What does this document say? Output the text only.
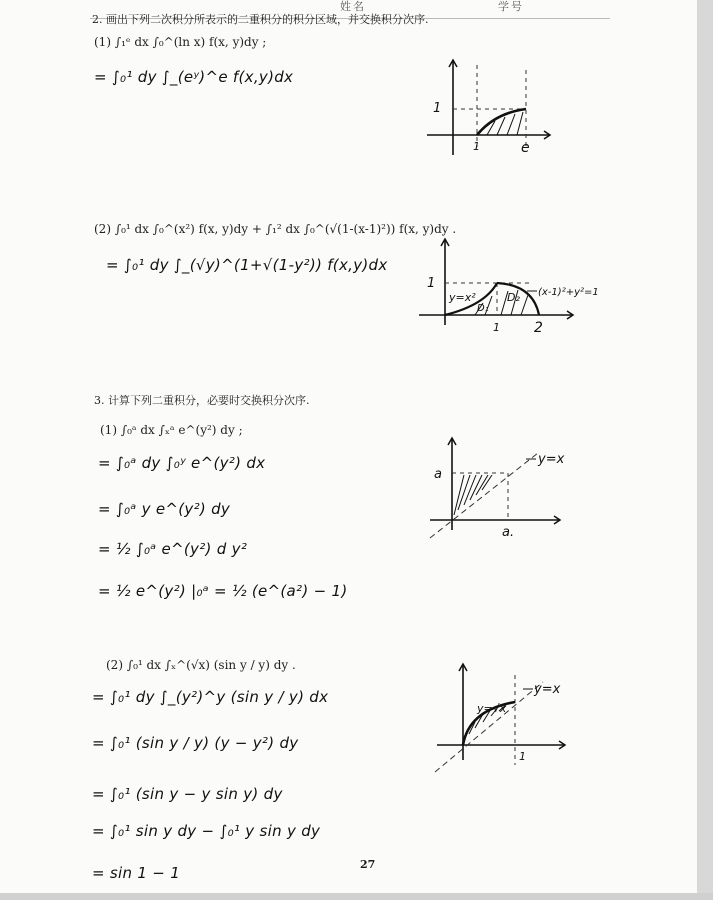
姓名	学号
2. 画出下列二次积分所表示的二重积分的积分区域，并交换积分次序.
(1) ∫₁ᵉ dx ∫₀^(ln x) f(x, y)dy ;
= ∫₀¹ dy ∫_(eʸ)^e f(x,y)dx
1
1	e
(2) ∫₀¹ dx ∫₀^(x²) f(x, y)dy + ∫₁² dx ∫₀^(√(1-(x-1)²)) f(x, y)dy .
= ∫₀¹ dy ∫_(√y)^(1+√(1-y²)) f(x,y)dx
1
y=x²
D₁
D₂ (x-1)²+y²=1
1 2
3. 计算下列二重积分，必要时交换积分次序.
(1) ∫₀ᵃ dx ∫ₓᵃ e^(y²) dy ;
= ∫₀ᵃ dy ∫₀ʸ e^(y²) dx
= ∫₀ᵃ y e^(y²) dy
= ½ ∫₀ᵃ e^(y²) d y²
= ½ e^(y²) |₀ᵃ = ½ (e^(a²) − 1)
y=x
a
a.
(2) ∫₀¹ dx ∫ₓ^(√x) (sin y / y) dy .
= ∫₀¹ dy ∫_(y²)^y (sin y / y) dx
= ∫₀¹ (sin y / y) (y − y²) dy
= ∫₀¹ (sin y − y sin y) dy
= ∫₀¹ sin y dy − ∫₀¹ y sin y dy
= sin 1 − 1
y=√x
y=x
1
27
